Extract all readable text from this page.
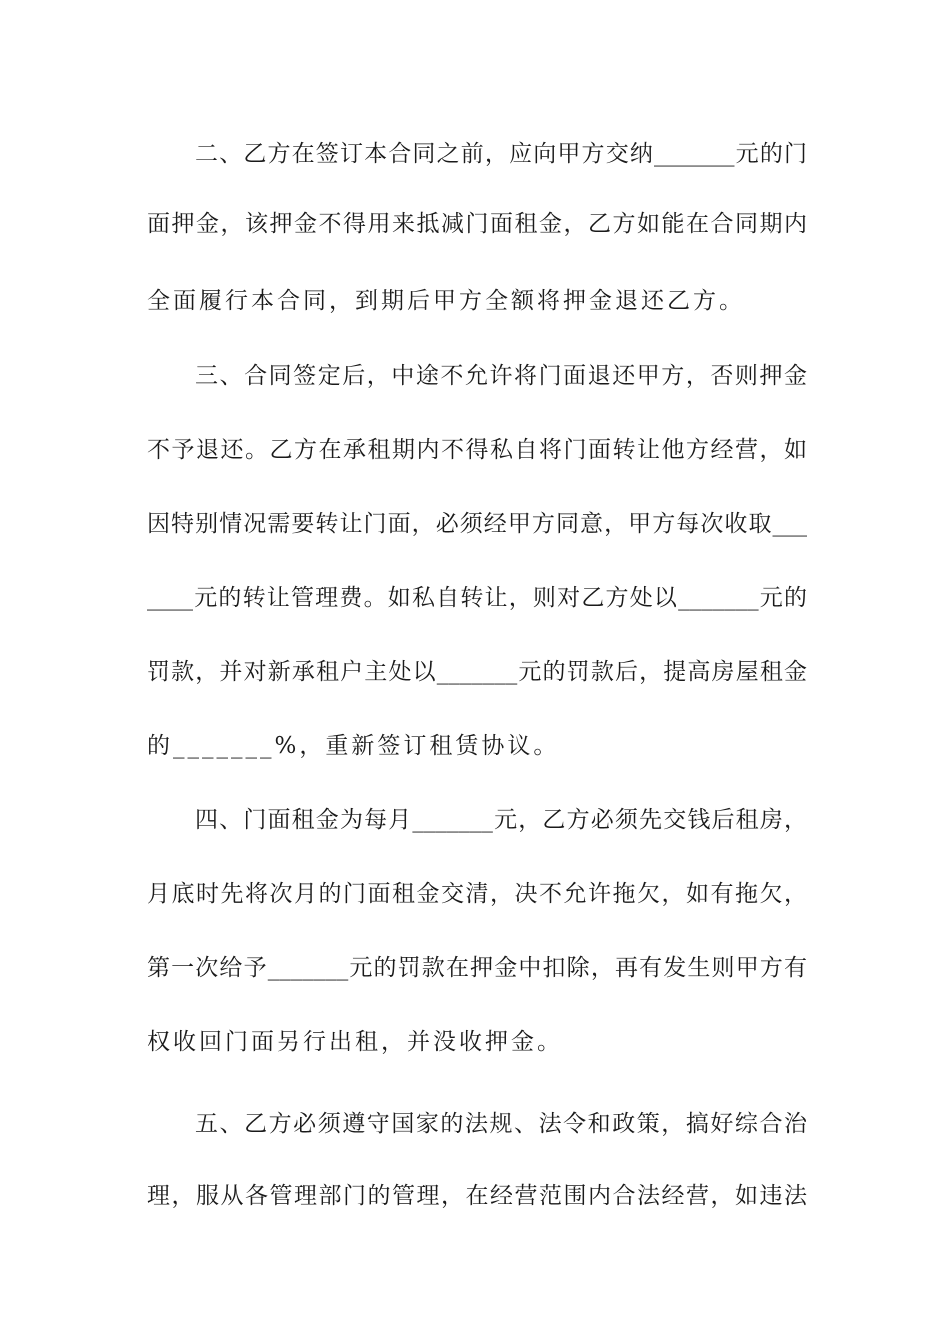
二、乙方在签订本合同之前，应向甲方交纳_______元的门
面押金，该押金不得用来抵减门面租金，乙方如能在合同期内
全面履行本合同，到期后甲方全额将押金退还乙方。
三、合同签定后，中途不允许将门面退还甲方，否则押金
不予退还。乙方在承租期内不得私自将门面转让他方经营，如
因特别情况需要转让门面，必须经甲方同意，甲方每次收取___
____元的转让管理费。如私自转让，则对乙方处以_______元的
罚款，并对新承租户主处以_______元的罚款后，提高房屋租金
的_______%，重新签订租赁协议。
四、门面租金为每月_______元，乙方必须先交钱后租房，
月底时先将次月的门面租金交清，决不允许拖欠，如有拖欠，
第一次给予_______元的罚款在押金中扣除，再有发生则甲方有
权收回门面另行出租，并没收押金。
五、乙方必须遵守国家的法规、法令和政策，搞好综合治
理，服从各管理部门的管理，在经营范围内合法经营，如违法
